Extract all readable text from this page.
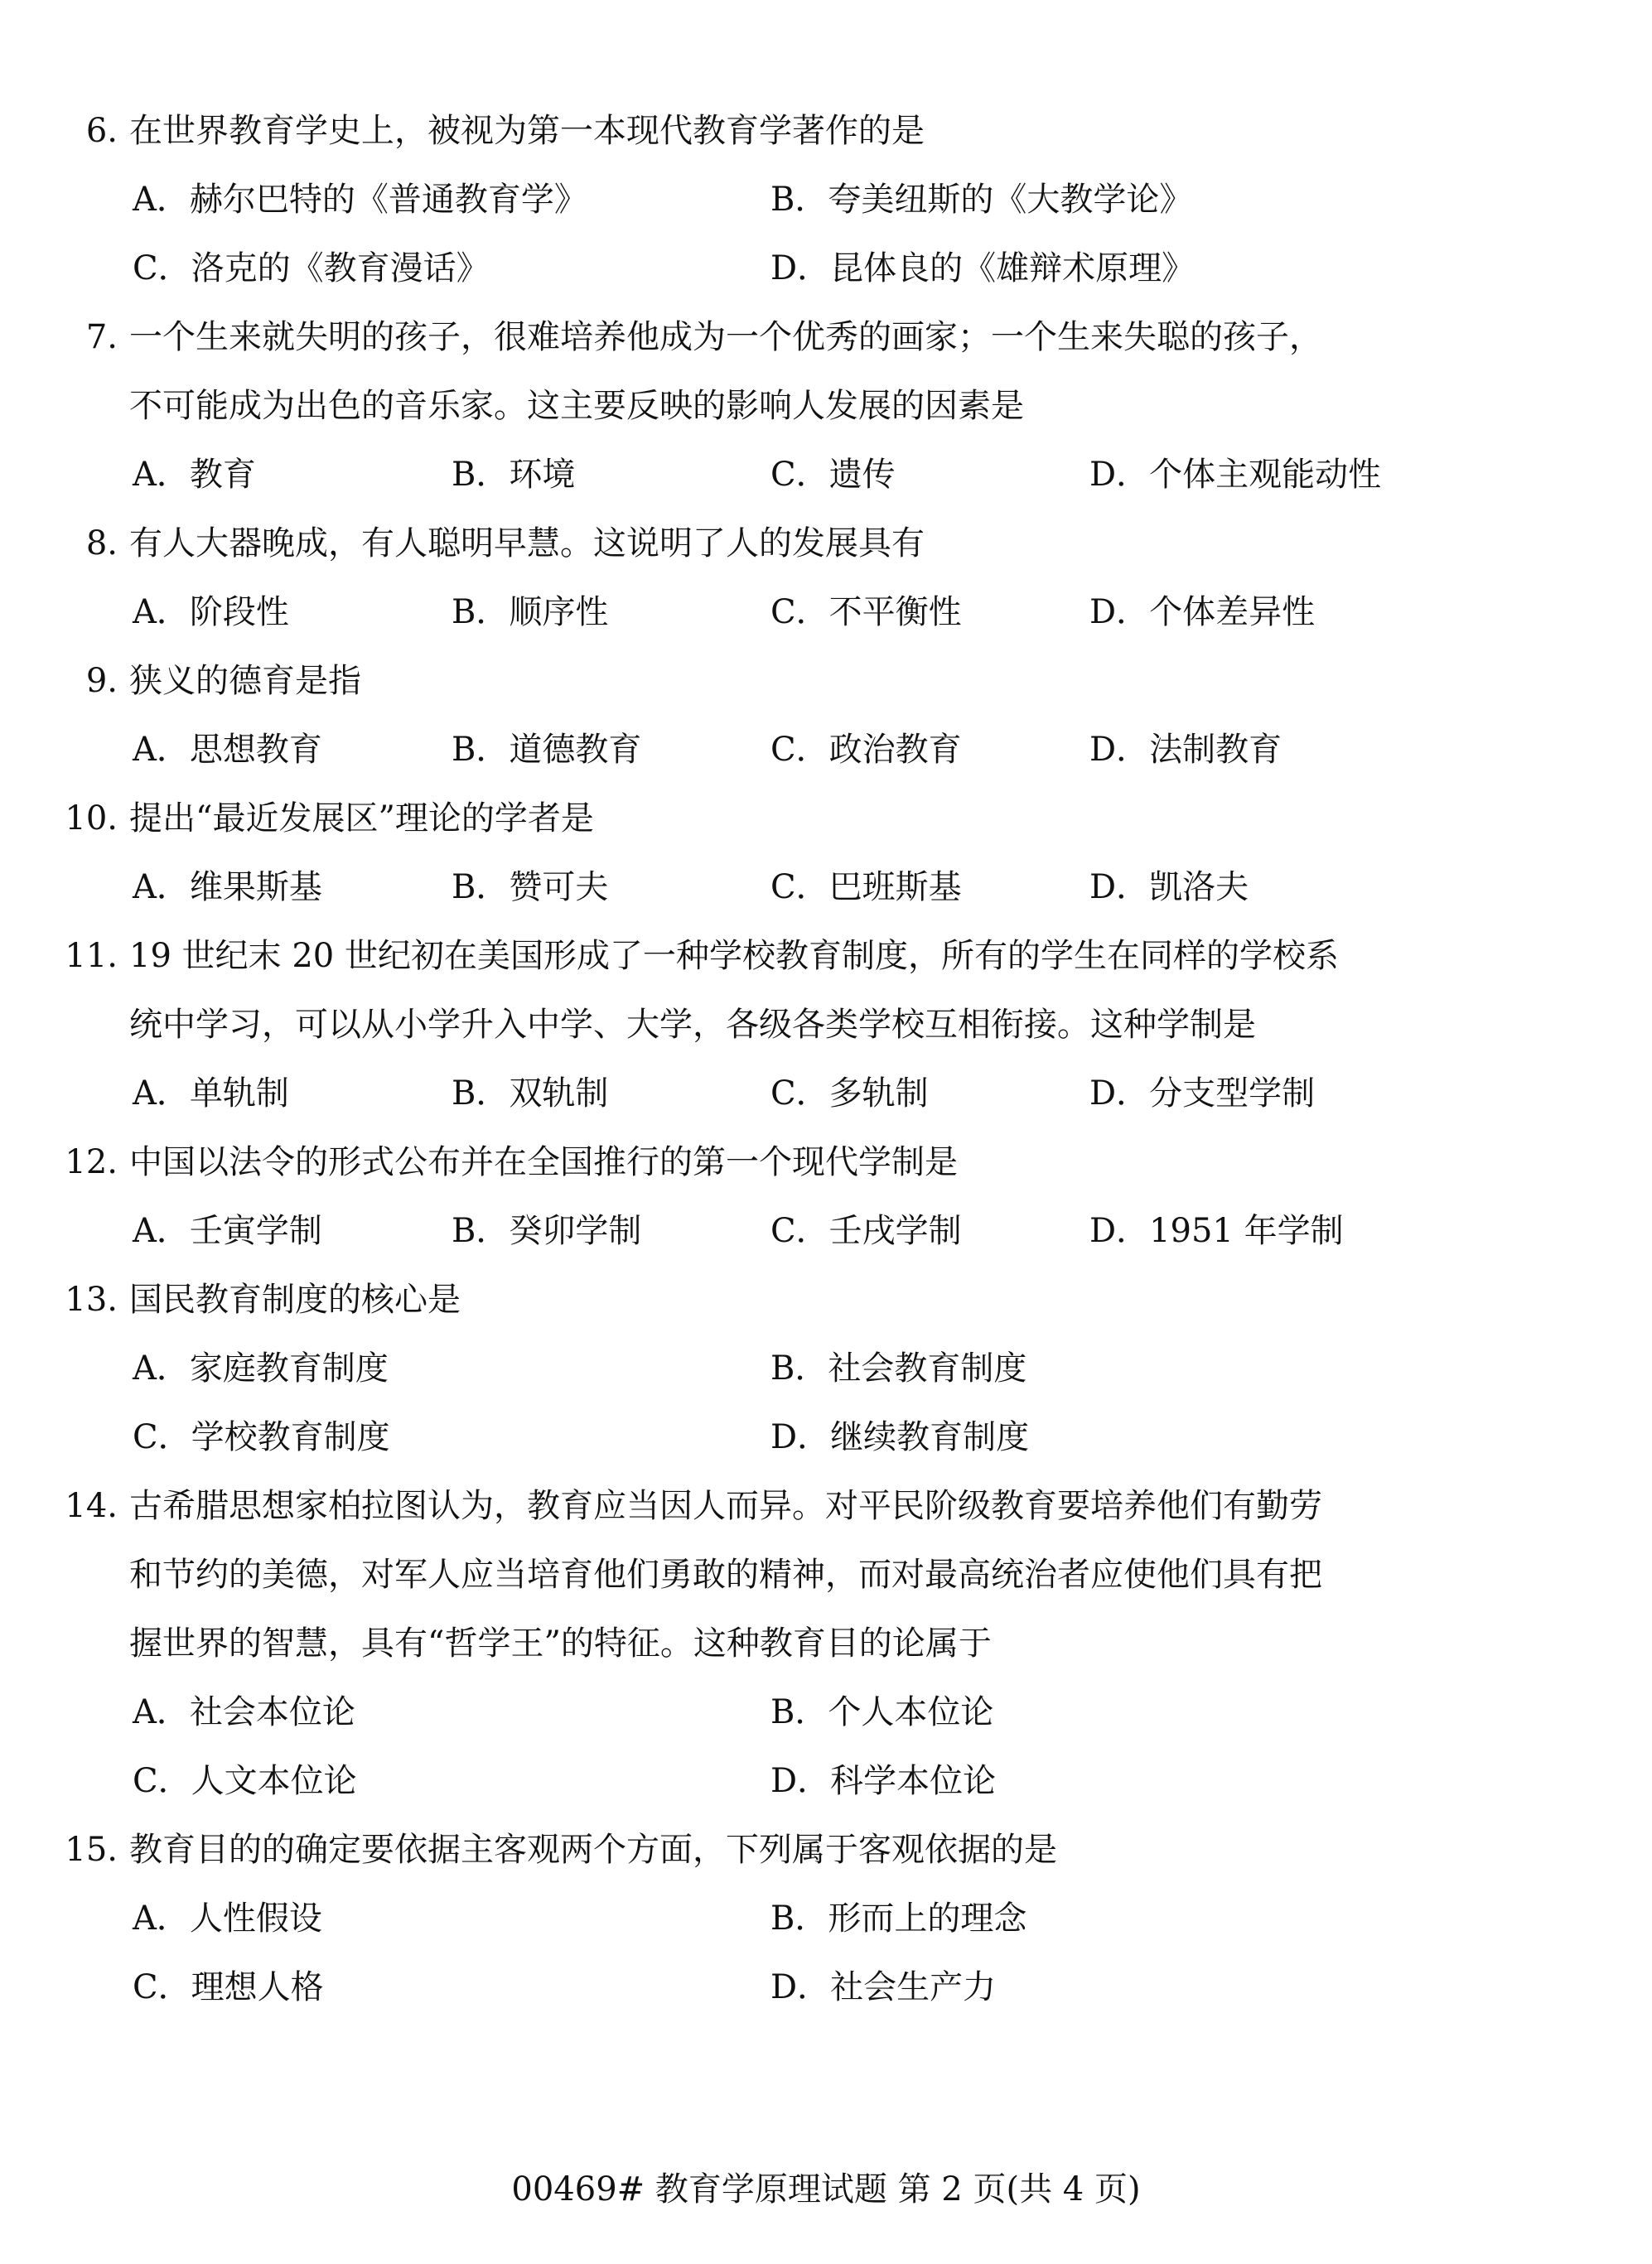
6. 在世界教育学史上，被视为第一本现代教育学著作的是
A．赫尔巴特的《普通教育学》	B．夸美纽斯的《大教学论》
C．洛克的《教育漫话》	D．昆体良的《雄辩术原理》
7. 一个生来就失明的孩子，很难培养他成为一个优秀的画家；一个生来失聪的孩子，
不可能成为出色的音乐家。这主要反映的影响人发展的因素是
A．教育	B．环境	C．遗传	D．个体主观能动性
8. 有人大器晚成，有人聪明早慧。这说明了人的发展具有
A．阶段性	B．顺序性	C．不平衡性	D．个体差异性
9. 狭义的德育是指
A．思想教育	B．道德教育	C．政治教育	D．法制教育
10. 提出“最近发展区”理论的学者是
A．维果斯基	B．赞可夫	C．巴班斯基	D．凯洛夫
11. 19 世纪末 20 世纪初在美国形成了一种学校教育制度，所有的学生在同样的学校系
统中学习，可以从小学升入中学、大学，各级各类学校互相衔接。这种学制是
A．单轨制	B．双轨制	C．多轨制	D．分支型学制
12. 中国以法令的形式公布并在全国推行的第一个现代学制是
A．壬寅学制	B．癸卯学制	C．壬戌学制	D．1951 年学制
13. 国民教育制度的核心是
A．家庭教育制度	B．社会教育制度
C．学校教育制度	D．继续教育制度
14. 古希腊思想家柏拉图认为，教育应当因人而异。对平民阶级教育要培养他们有勤劳
和节约的美德，对军人应当培育他们勇敢的精神，而对最高统治者应使他们具有把
握世界的智慧，具有“哲学王”的特征。这种教育目的论属于
A．社会本位论	B．个人本位论
C．人文本位论	D．科学本位论
15. 教育目的的确定要依据主客观两个方面，下列属于客观依据的是
A．人性假设	B．形而上的理念
C．理想人格	D．社会生产力
00469# 教育学原理试题 第 2 页(共 4 页)
